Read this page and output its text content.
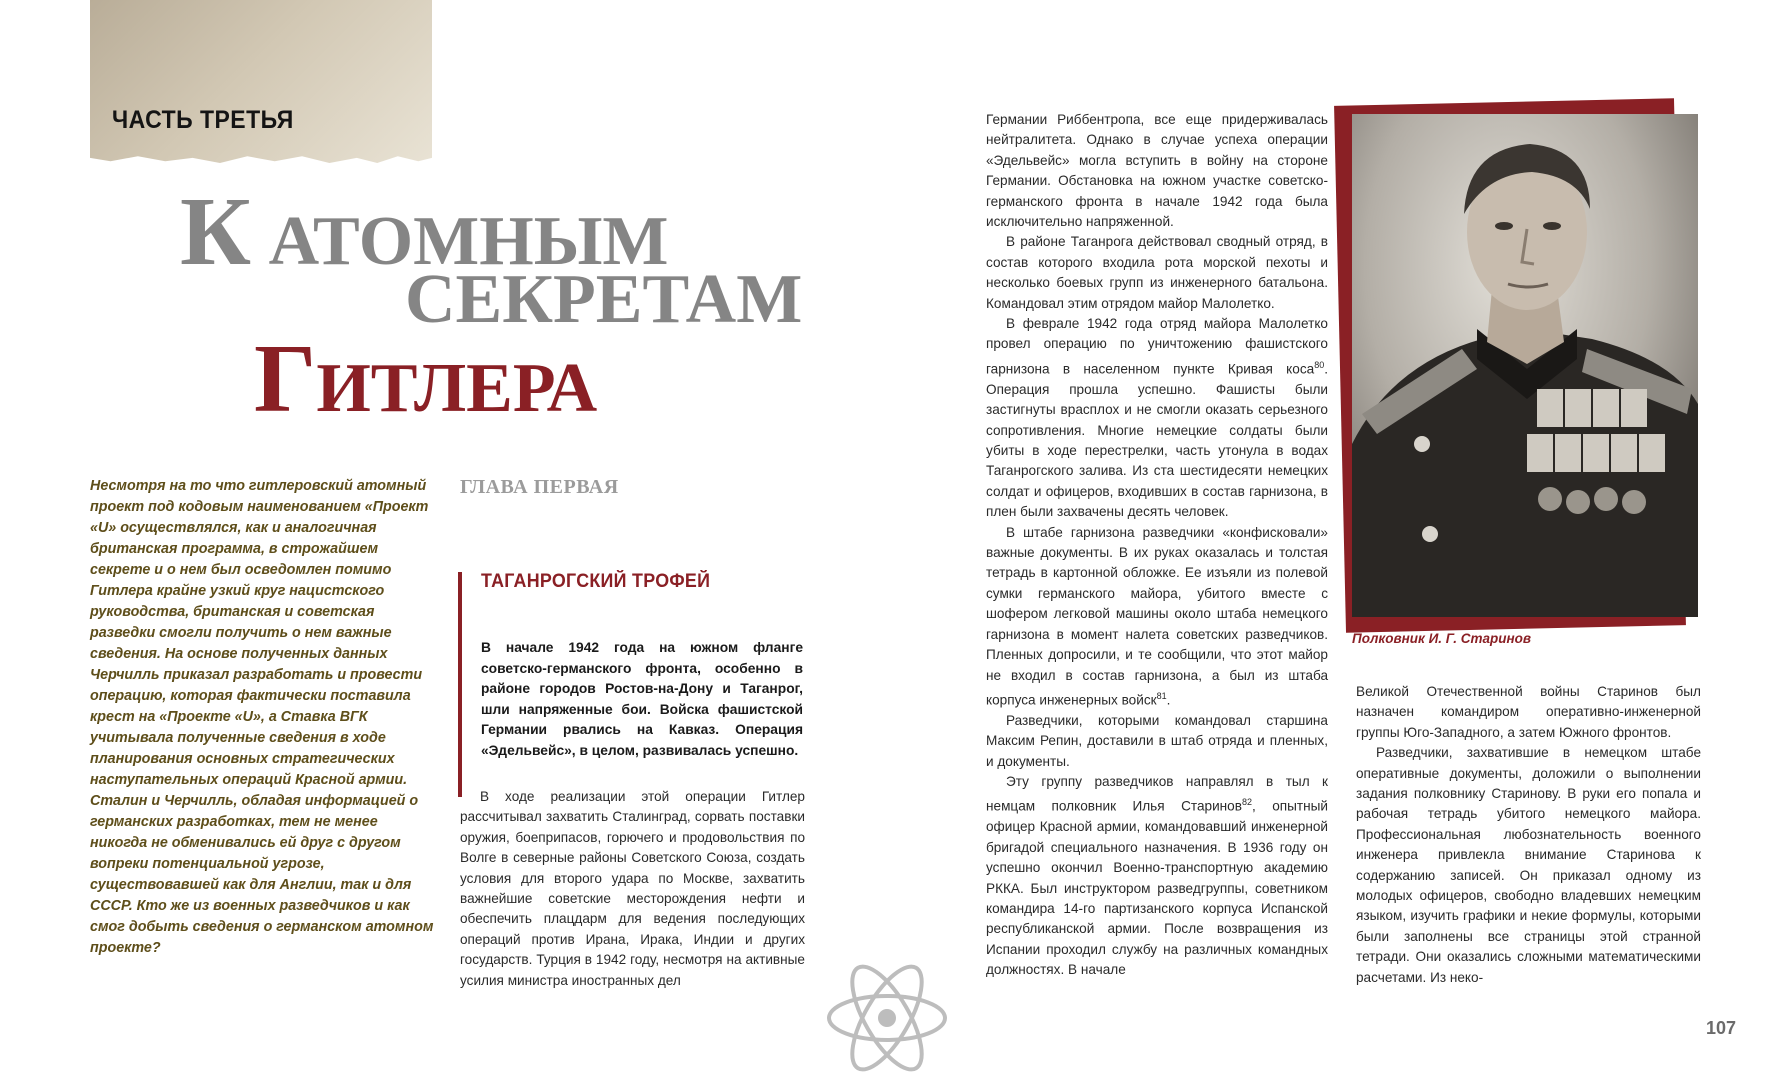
ЧАСТЬ ТРЕТЬЯ
К АТОМНЫМ
СЕКРЕТАМ
ГИТЛЕРА
Несмотря на то что гитлеровский атомный проект под кодовым наименованием «Проект «U» осуществлялся, как и аналогичная британская программа, в строжайшем секрете и о нем был осведомлен помимо Гитлера крайне узкий круг нацистского руководства, британская и советская разведки смогли получить о нем важные сведения. На основе полученных данных Черчилль приказал разработать и провести операцию, которая фактически поставила крест на «Проекте «U», а Ставка ВГК учитывала полученные сведения в ходе планирования основных стратегических наступательных операций Красной армии. Сталин и Черчилль, обладая информацией о германских разработках, тем не менее никогда не обменивались ей друг с другом вопреки потенциальной угрозе, существовавшей как для Англии, так и для СССР. Кто же из военных разведчиков и как смог добыть сведения о германском атомном проекте?
ГЛАВА ПЕРВАЯ
ТАГАНРОГСКИЙ ТРОФЕЙ
В начале 1942 года на южном фланге советско-германского фронта, особенно в районе городов Ростов-на-Дону и Таганрог, шли напряженные бои. Войска фашистской Германии рвались на Кавказ. Операция «Эдельвейс», в целом, развивалась успешно.

В ходе реализации этой операции Гитлер рассчитывал захватить Сталинград, сорвать поставки оружия, боеприпасов, горючего и продовольствия по Волге в северные районы Советского Союза, создать условия для второго удара по Москве, захватить важнейшие советские месторождения нефти и обеспечить плацдарм для ведения последующих операций против Ирана, Ирака, Индии и других государств. Турция в 1942 году, несмотря на активные усилия министра иностранных дел

Германии Риббентропа, все еще придерживалась нейтралитета. Однако в случае успеха операции «Эдельвейс» могла вступить в войну на стороне Германии. Обстановка на южном участке советско-германского фронта в начале 1942 года была исключительно напряженной.

В районе Таганрога действовал сводный отряд, в состав которого входила рота морской пехоты и несколько боевых групп из инженерного батальона. Командовал этим отрядом майор Малолетко.

В феврале 1942 года отряд майора Малолетко провел операцию по уничтожению фашистского гарнизона в населенном пункте Кривая коса$^{80}$. Операция прошла успешно. Фашисты были застигнуты врасплох и не смогли оказать серьезного сопротивления. Многие немецкие солдаты были убиты в ходе перестрелки, часть утонула в водах Таганрогского залива. Из ста шестидесяти немецких солдат и офицеров, входивших в состав гарнизона, в плен были захвачены десять человек.

В штабе гарнизона разведчики «конфисковали» важные документы. В их руках оказалась и толстая тетрадь в картонной обложке. Ее изъяли из полевой сумки германского майора, убитого вместе с шофером легковой машины около штаба немецкого гарнизона в момент налета советских разведчиков. Пленных допросили, и те сообщили, что этот майор не входил в состав гарнизона, а был из штаба корпуса инженерных войск$^{81}$.

Разведчики, которыми командовал старшина Максим Репин, доставили в штаб отряда и пленных, и документы.

Эту группу разведчиков направлял в тыл к немцам полковник Илья Старинов$^{82}$, опытный офицер Красной армии, командовавший инженерной бригадой специального назначения. В 1936 году он успешно окончил Военно-транспортную академию РККА. Был инструктором разведгруппы, советником командира 14-го партизанского корпуса Испанской республиканской армии. После возвращения из Испании проходил службу на различных командных должностях. В начале

Полковник И. Г. Старинов

Великой Отечественной войны Старинов был назначен командиром оперативно-инженерной группы Юго-Западного, а затем Южного фронтов.

Разведчики, захватившие в немецком штабе оперативные документы, доложили о выполнении задания полковнику Старинову. В руки его попала и рабочая тетрадь убитого немецкого майора. Профессиональная любознательность военного инженера привлекла внимание Старинова к содержанию записей. Он приказал одному из молодых офицеров, свободно владевших немецким языком, изучить графики и некие формулы, которыми были заполнены все страницы этой странной тетради. Они оказались сложными математическими расчетами. Из неко-

107
